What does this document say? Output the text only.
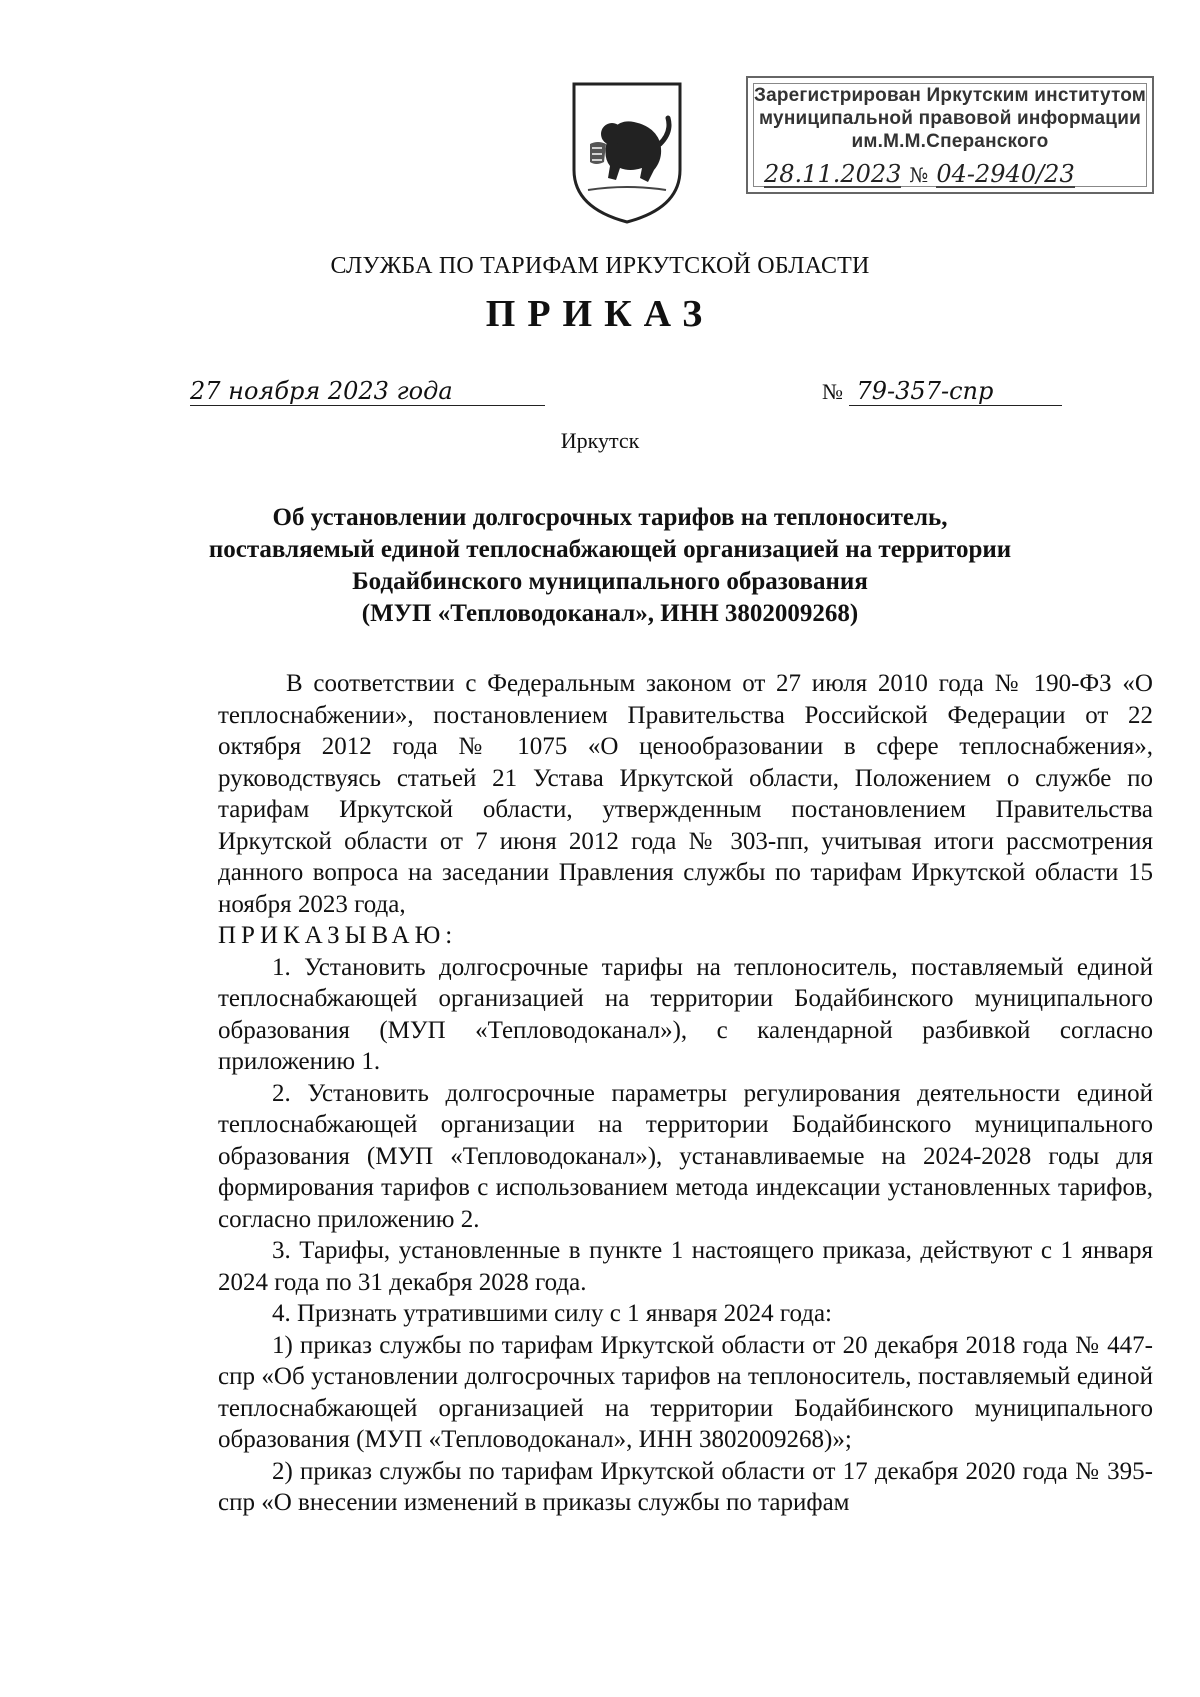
Зарегистрирован Иркутским институтом
муниципальной правовой информации
им.М.М.Сперанского
28.11.2023 № 04-2940/23
СЛУЖБА ПО ТАРИФАМ ИРКУТСКОЙ ОБЛАСТИ
ПРИКАЗ
27 ноября 2023 года	№ 79-357-спр
Иркутск
Об установлении долгосрочных тарифов на теплоноситель,
поставляемый единой теплоснабжающей организацией на территории
Бодайбинского муниципального образования
(МУП «Тепловодоканал», ИНН 3802009268)

В соответствии с Федеральным законом от 27 июля 2010 года № 190-ФЗ «О теплоснабжении», постановлением Правительства Российской Федерации от 22 октября 2012 года № 1075 «О ценообразовании в сфере теплоснабжения», руководствуясь статьей 21 Устава Иркутской области, Положением о службе по тарифам Иркутской области, утвержденным постановлением Правительства Иркутской области от 7 июня 2012 года № 303-пп, учитывая итоги рассмотрения данного вопроса на заседании Правления службы по тарифам Иркутской области 15 ноября 2023 года,

ПРИКАЗЫВАЮ:

1. Установить долгосрочные тарифы на теплоноситель, поставляемый единой теплоснабжающей организацией на территории Бодайбинского муниципального образования (МУП «Тепловодоканал»), с календарной разбивкой согласно приложению 1.

2. Установить долгосрочные параметры регулирования деятельности единой теплоснабжающей организации на территории Бодайбинского муниципального образования (МУП «Тепловодоканал»), устанавливаемые на 2024-2028 годы для формирования тарифов с использованием метода индексации установленных тарифов, согласно приложению 2.

3. Тарифы, установленные в пункте 1 настоящего приказа, действуют с 1 января 2024 года по 31 декабря 2028 года.

4. Признать утратившими силу с 1 января 2024 года:

1) приказ службы по тарифам Иркутской области от 20 декабря 2018 года № 447-спр «Об установлении долгосрочных тарифов на теплоноситель, поставляемый единой теплоснабжающей организацией на территории Бодайбинского муниципального образования (МУП «Тепловодоканал», ИНН 3802009268)»;

2) приказ службы по тарифам Иркутской области от 17 декабря 2020 года № 395-спр «О внесении изменений в приказы службы по тарифам
